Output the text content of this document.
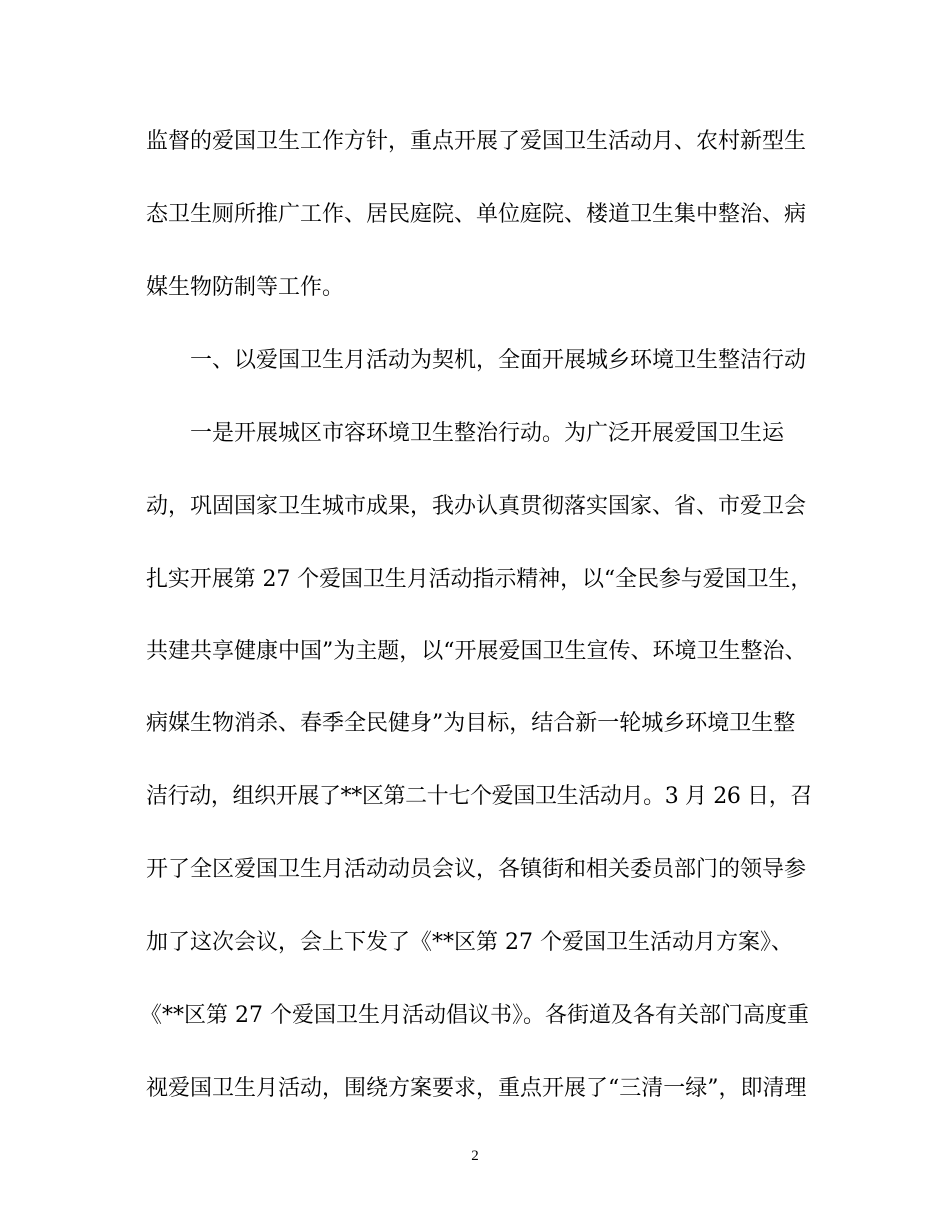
监督的爱国卫生工作方针，重点开展了爱国卫生活动月、农村新型生
态卫生厕所推广工作、居民庭院、单位庭院、楼道卫生集中整治、病
媒生物防制等工作。
一、以爱国卫生月活动为契机，全面开展城乡环境卫生整洁行动
一是开展城区市容环境卫生整治行动。为广泛开展爱国卫生运
动，巩固国家卫生城市成果，我办认真贯彻落实国家、省、市爱卫会
扎实开展第 27 个爱国卫生月活动指示精神，以“全民参与爱国卫生，
共建共享健康中国”为主题，以“开展爱国卫生宣传、环境卫生整治、
病媒生物消杀、春季全民健身”为目标，结合新一轮城乡环境卫生整
洁行动，组织开展了**区第二十七个爱国卫生活动月。3 月 26 日，召
开了全区爱国卫生月活动动员会议，各镇街和相关委员部门的领导参
加了这次会议，会上下发了《**区第 27 个爱国卫生活动月方案》、
《**区第 27 个爱国卫生月活动倡议书》。各街道及各有关部门高度重
视爱国卫生月活动，围绕方案要求，重点开展了“三清一绿”，即清理
2
